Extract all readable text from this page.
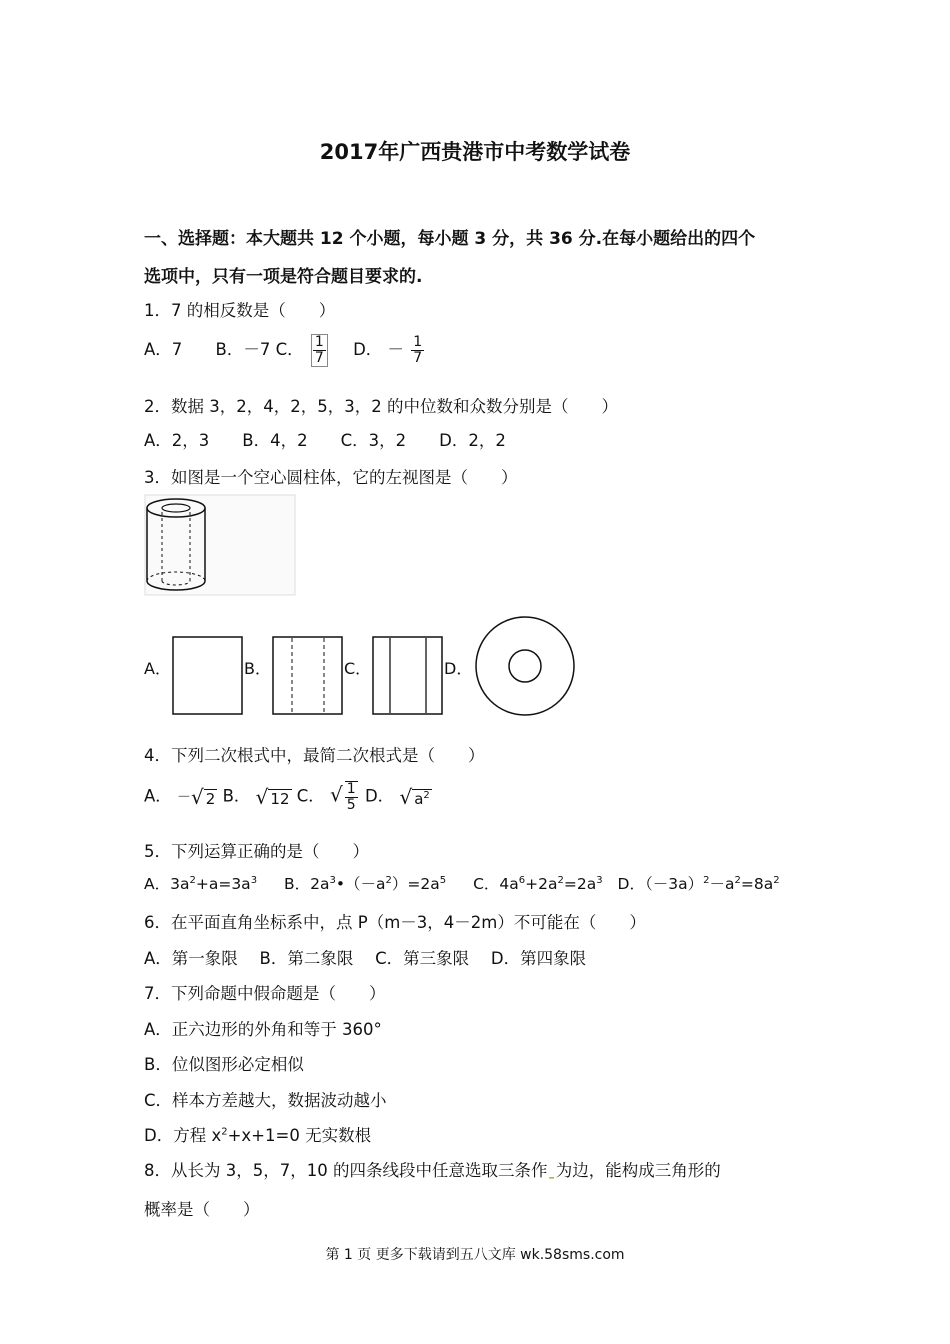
2017年广西贵港市中考数学试卷
一、选择题：本大题共 12 个小题，每小题 3 分，共 36 分.在每小题给出的四个
选项中，只有一项是符合题目要求的.
1．7 的相反数是（　　）
A．7 B．－7 C． $\frac{1}{7}$ D． － $\frac{1}{7}$
2．数据 3，2，4，2，5，3，2 的中位数和众数分别是（　　）
A．2，3　　B．4，2　　C．3，2　　D．2，2
3．如图是一个空心圆柱体，它的左视图是（　　）
A．	B．	C．	D．
4．下列二次根式中，最简二次根式是（　　）
A． －√ 2 B． √ 12 C． √ $\frac{1}{5}$ D． √ $a^2$
5．下列运算正确的是（　　）
A．$3a^2+a=3a^3$ B．$2a^3•(-a^2)=2a^5$ C．$4a^6+2a^2=2a^3$ D．$(-3a)^2-a^2=8a^2$
6．在平面直角坐标系中，点 P（m－3，4－2m）不可能在（　　）
A．第一象限　 B．第二象限　 C．第三象限　 D．第四象限
7．下列命题中假命题是（　　）
A．正六边形的外角和等于 360°
B．位似图形必定相似
C．样本方差越大，数据波动越小
D．方程 $x^2+x+1=0$ 无实数根
8．从长为 3，5，7，10 的四条线段中任意选取三条作ˍ为边，能构成三角形的
概率是（　　）
第 1 页 更多下载请到五八文库 wk.58sms.com
